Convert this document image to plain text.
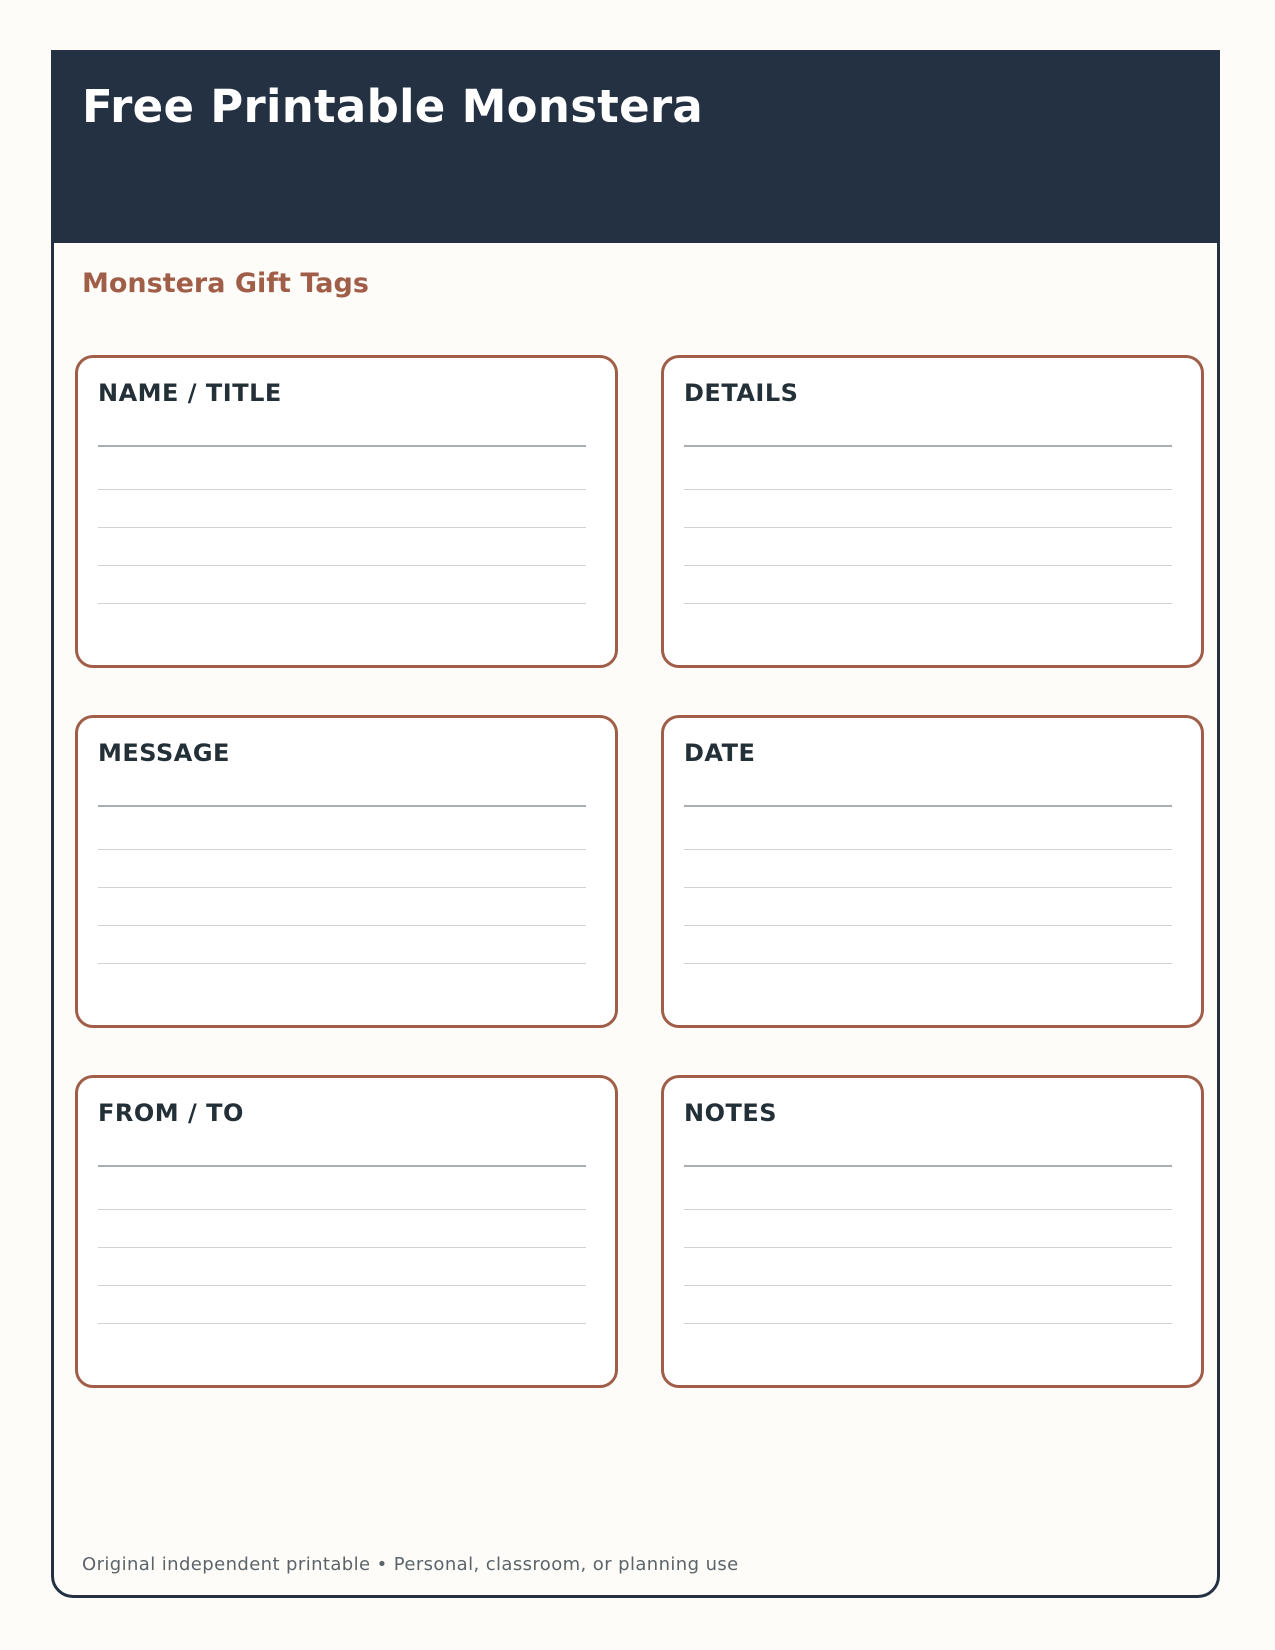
Free Printable Monstera
Monstera Gift Tags
NAME / TITLE	DETAILS
MESSAGE	DATE
FROM / TO	NOTES

Original independent printable • Personal, classroom, or planning use
